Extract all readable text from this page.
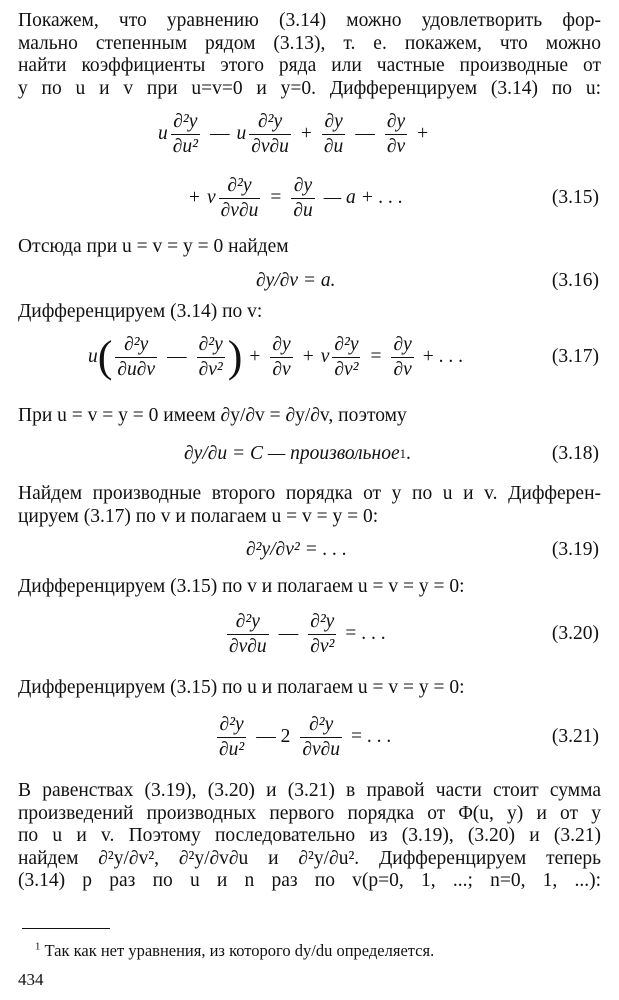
Покажем, что уравнению (3.14) можно удовлетворить фор-
мально степенным рядом (3.13), т. е. покажем, что можно
найти коэффициенты этого ряда или частные производные от
y по u и v при u=v=0 и y=0. Дифференцируем (3.14) по u:
u $\frac{\text{∂²y}}{\text{∂u²}}$ — u $\frac{\text{∂²y}}{\partial v\partial u} + \frac{\partial y}{\partial u}$ — $\frac{\partial y}{\partial v}$ +
+ v $\frac{\text{∂²y}}{\partial v\partial u} = \frac{\partial y}{\partial u}$ — a + . . .	(3.15)
Отсюда при u = v = y = 0 найдем
∂y/∂v = a.	(3.16)
Дифференцируем (3.14) по v:
u ( $\frac{\text{∂²y}}{\partial u\partial v}$ — $\frac{\text{∂²y}}{\text{∂v²}}$ ) + $\frac{\partial y}{\partial v} + v \frac{\text{∂²y}}{\text{∂v²}} = \frac{\partial y}{\partial v}$ + . . .	(3.17)
При u = v = y = 0 имеем ∂y/∂v = ∂y/∂v, поэтому
∂y/∂u = C — произвольное 1 .	(3.18)
Найдем производные второго порядка от y по u и v. Дифферен-
цируем (3.17) по v и полагаем u = v = y = 0:
∂²y/∂v² = . . .	(3.19)
Дифференцируем (3.15) по v и полагаем u = v = y = 0:
$\frac{\text{∂²y}}{\partial v\partial u}$ — $\frac{\text{∂²y}}{\text{∂v²}}$ = . . .	(3.20)
Дифференцируем (3.15) по u и полагаем u = v = y = 0:
$\frac{\text{∂²y}}{\text{∂u²}}$ — $2 \frac{\text{∂²y}}{\partial v\partial u}$ = . . .	(3.21)
В равенствах (3.19), (3.20) и (3.21) в правой части стоит сумма
произведений производных первого порядка от Φ(u, y) и от y
по u и v. Поэтому последовательно из (3.19), (3.20) и (3.21)
найдем ∂²y/∂v², ∂²y/∂v∂u и ∂²y/∂u². Дифференцируем теперь
(3.14) p раз по u и n раз по v(p=0, 1, ...; n=0, 1, ...):
$^1$ Так как нет уравнения, из которого dy/du определяется.
434
